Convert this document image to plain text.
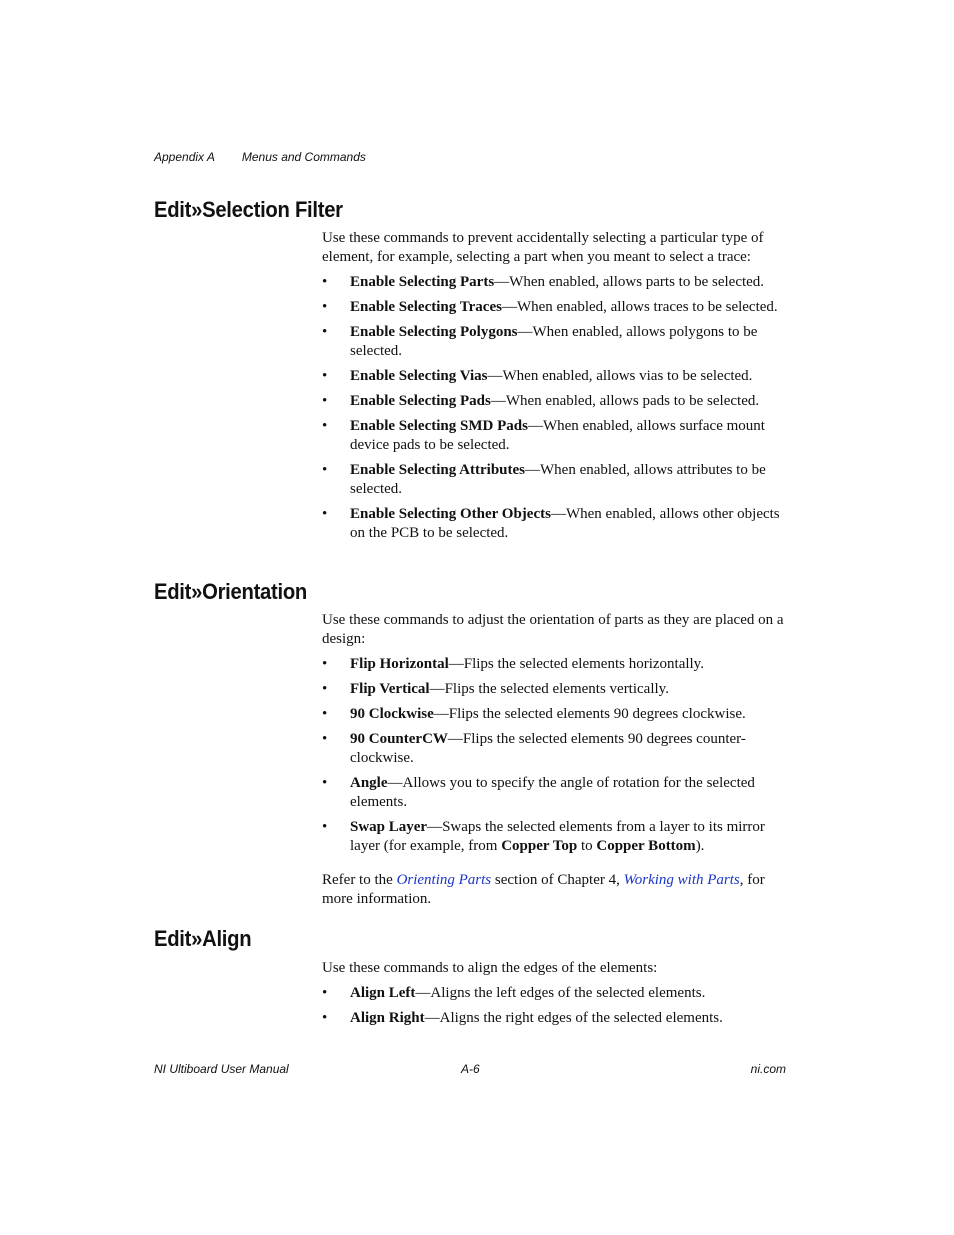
Appendix A Menus and Commands
Edit»Selection Filter

Use these commands to prevent accidentally selecting a particular type of element, for example, selecting a part when you meant to select a trace:

• Enable Selecting Parts—When enabled, allows parts to be selected.
• Enable Selecting Traces—When enabled, allows traces to be selected.
• Enable Selecting Polygons—When enabled, allows polygons to be selected.
• Enable Selecting Vias—When enabled, allows vias to be selected.
• Enable Selecting Pads—When enabled, allows pads to be selected.
• Enable Selecting SMD Pads—When enabled, allows surface mount device pads to be selected.
• Enable Selecting Attributes—When enabled, allows attributes to be selected.
• Enable Selecting Other Objects—When enabled, allows other objects on the PCB to be selected.
Edit»Orientation

Use these commands to adjust the orientation of parts as they are placed on a design:

• Flip Horizontal—Flips the selected elements horizontally.
• Flip Vertical—Flips the selected elements vertically.
• 90 Clockwise—Flips the selected elements 90 degrees clockwise.
• 90 CounterCW—Flips the selected elements 90 degrees counter-clockwise.
• Angle—Allows you to specify the angle of rotation for the selected elements.
• Swap Layer—Swaps the selected elements from a layer to its mirror layer (for example, from Copper Top to Copper Bottom).

Refer to the Orienting Parts section of Chapter 4, Working with Parts, for more information.

Edit»Align

Use these commands to align the edges of the elements:

• Align Left—Aligns the left edges of the selected elements.
• Align Right—Aligns the right edges of the selected elements.
NI Ultiboard User Manual	A-6	ni.com
